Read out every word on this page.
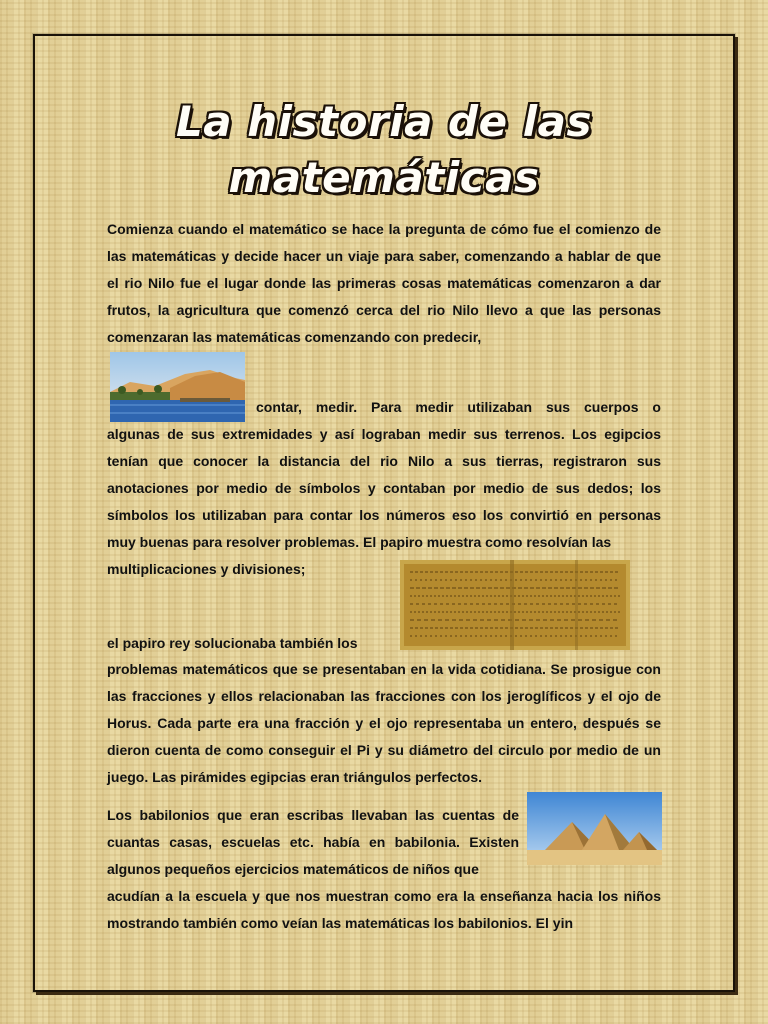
La historia de las
matemáticas

Comienza cuando el matemático se hace la pregunta de cómo fue el comienzo de las matemáticas y decide hacer un viaje para saber, comenzando a hablar de que el rio Nilo fue el lugar donde las primeras cosas matemáticas comenzaron a dar frutos, la agricultura que comenzó cerca del rio Nilo llevo a que las personas comenzaran las matemáticas comenzando con predecir,

contar, medir. Para medir utilizaban sus cuerpos o

algunas de sus extremidades y así lograban medir sus terrenos. Los egipcios tenían que conocer la distancia del rio Nilo a sus tierras, registraron sus anotaciones por medio de símbolos y contaban por medio de sus dedos; los símbolos los utilizaban para contar los números eso los convirtió en personas muy buenas para resolver problemas. El papiro muestra como resolvían las

multiplicaciones y divisiones;

el papiro rey solucionaba también los

problemas matemáticos que se presentaban en la vida cotidiana. Se prosigue con las fracciones y ellos relacionaban las fracciones con los jeroglíficos y el ojo de Horus. Cada parte era una fracción y el ojo representaba un entero, después se dieron cuenta de como conseguir el Pi y su diámetro del circulo por medio de un juego. Las pirámides egipcias eran triángulos perfectos.

Los babilonios que eran escribas llevaban las cuentas de cuantas casas, escuelas etc. había en babilonia. Existen algunos pequeños ejercicios matemáticos de niños que

acudían a la escuela y que nos muestran como era la enseñanza hacia los niños mostrando también como veían las matemáticas los babilonios. El yin
